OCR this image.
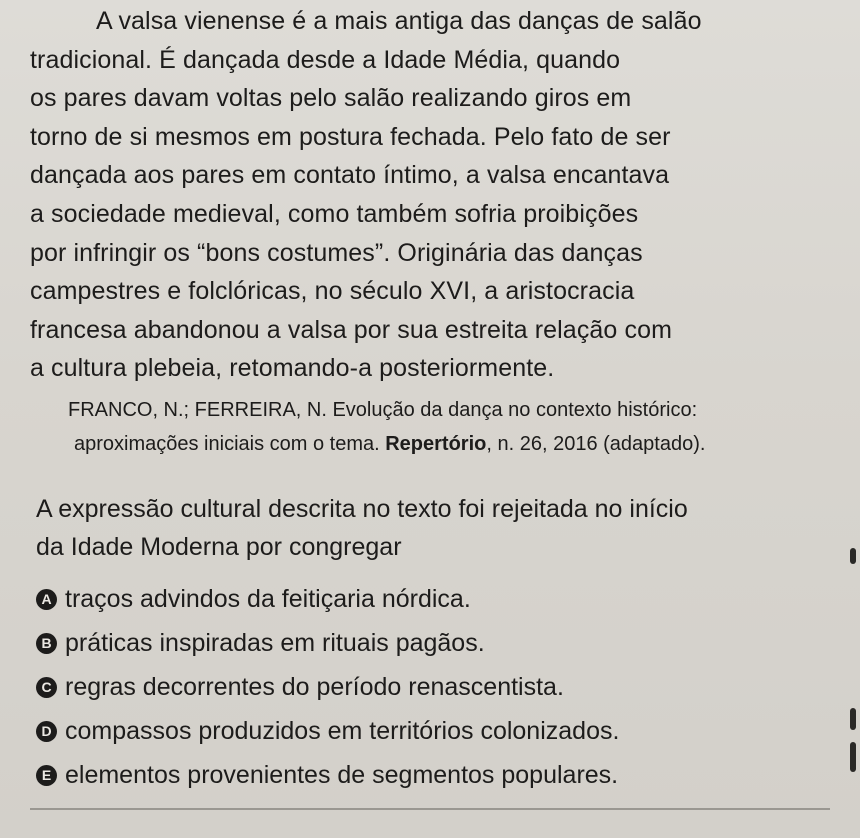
A valsa vienense é a mais antiga das danças de salão
tradicional. É dançada desde a Idade Média, quando
os pares davam voltas pelo salão realizando giros em
torno de si mesmos em postura fechada. Pelo fato de ser
dançada aos pares em contato íntimo, a valsa encantava
a sociedade medieval, como também sofria proibições
por infringir os “bons costumes”. Originária das danças
campestres e folclóricas, no século XVI, a aristocracia
francesa abandonou a valsa por sua estreita relação com
a cultura plebeia, retomando-a posteriormente.
FRANCO, N.; FERREIRA, N. Evolução da dança no contexto histórico:
aproximações iniciais com o tema. Repertório, n. 26, 2016 (adaptado).
A expressão cultural descrita no texto foi rejeitada no início
da Idade Moderna por congregar
A traços advindos da feitiçaria nórdica.
B práticas inspiradas em rituais pagãos.
C regras decorrentes do período renascentista.
D compassos produzidos em territórios colonizados.
E elementos provenientes de segmentos populares.
